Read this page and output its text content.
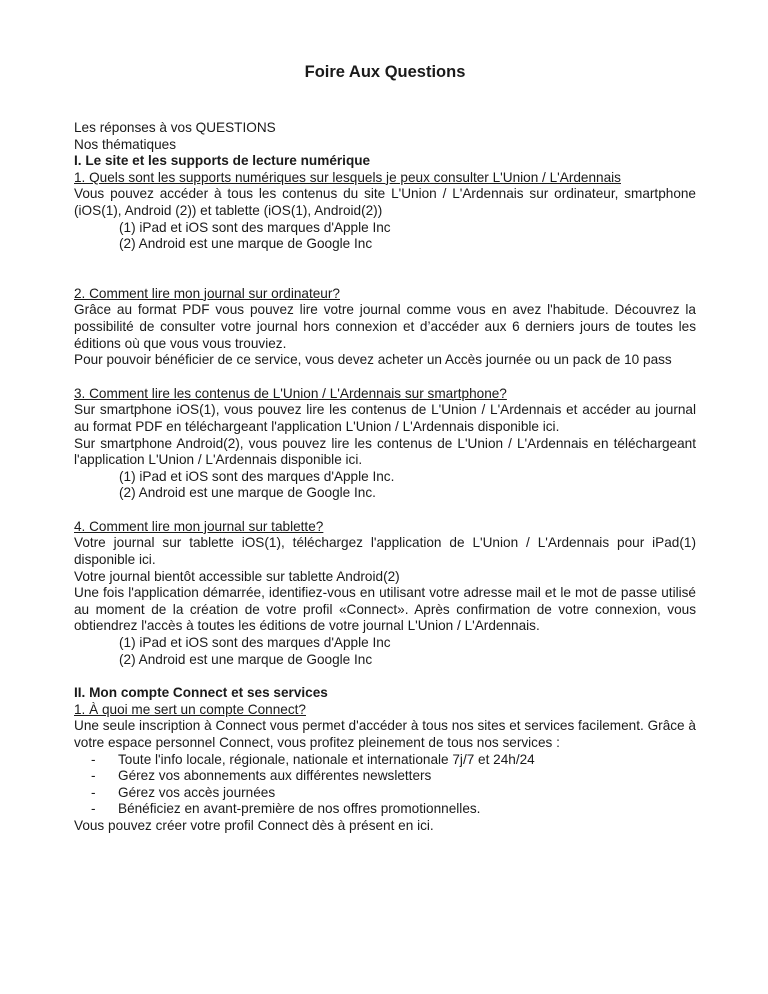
Foire Aux Questions

Les réponses à vos QUESTIONS

Nos thématiques

I. Le site et les supports de lecture numérique

1. Quels sont les supports numériques sur lesquels je peux consulter L'Union / L'Ardennais

Vous pouvez accéder à tous les contenus du site L'Union / L'Ardennais sur ordinateur, smartphone (iOS(1), Android (2)) et tablette (iOS(1), Android(2))

(1) iPad et iOS sont des marques d'Apple Inc

(2) Android est une marque de Google Inc

2. Comment lire mon journal sur ordinateur?

Grâce au format PDF vous pouvez lire votre journal comme vous en avez l'habitude. Découvrez la possibilité de consulter votre journal hors connexion et d’accéder aux 6 derniers jours de toutes les éditions où que vous vous trouviez.

Pour pouvoir bénéficier de ce service, vous devez acheter un Accès journée ou un pack de 10 pass

3. Comment lire les contenus de L'Union / L'Ardennais sur smartphone?

Sur smartphone iOS(1), vous pouvez lire les contenus de L'Union / L'Ardennais et accéder au journal au format PDF en téléchargeant l'application L'Union / L'Ardennais disponible ici.

Sur smartphone Android(2), vous pouvez lire les contenus de L'Union / L'Ardennais en téléchargeant l'application L'Union / L'Ardennais disponible ici.

(1) iPad et iOS sont des marques d'Apple Inc.

(2) Android est une marque de Google Inc.

4. Comment lire mon journal sur tablette?

Votre journal sur tablette iOS(1), téléchargez l'application de L'Union / L'Ardennais pour iPad(1) disponible ici.

Votre journal bientôt accessible sur tablette Android(2)

Une fois l'application démarrée, identifiez-vous en utilisant votre adresse mail et le mot de passe utilisé au moment de la création de votre profil «Connect». Après confirmation de votre connexion, vous obtiendrez l'accès à toutes les éditions de votre journal L'Union / L'Ardennais.

(1) iPad et iOS sont des marques d'Apple Inc

(2) Android est une marque de Google Inc

II. Mon compte Connect et ses services

1. À quoi me sert un compte Connect?

Une seule inscription à Connect vous permet d'accéder à tous nos sites et services facilement. Grâce à votre espace personnel Connect, vous profitez pleinement de tous nos services :

- Toute l'info locale, régionale, nationale et internationale 7j/7 et 24h/24
- Gérez vos abonnements aux différentes newsletters
- Gérez vos accès journées
- Bénéficiez en avant-première de nos offres promotionnelles.

Vous pouvez créer votre profil Connect dès à présent en ici.
